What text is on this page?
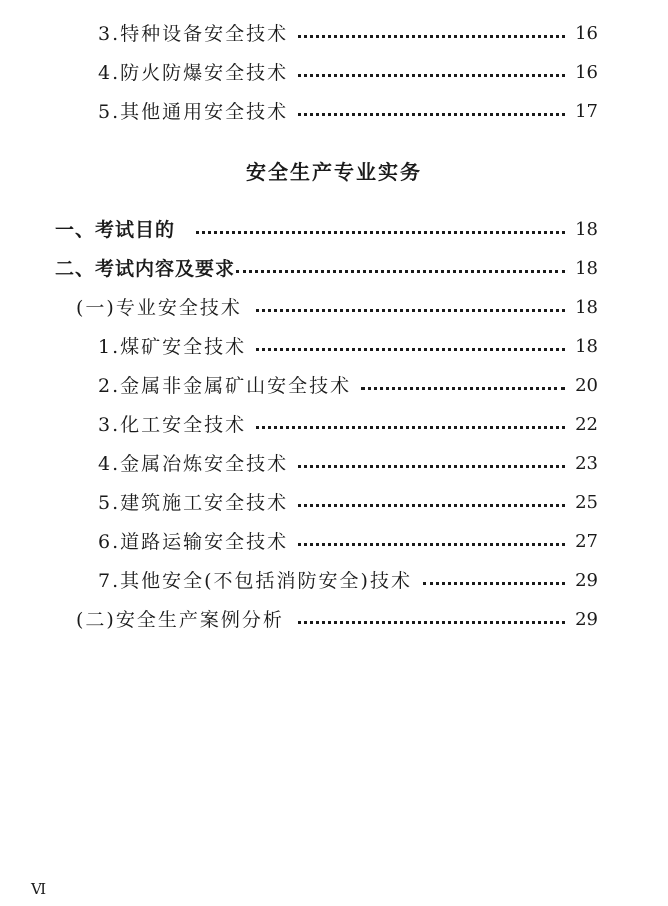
3.特种设备安全技术	16
4.防火防爆安全技术	16
5.其他通用安全技术	17
安全生产专业实务
一、考试目的	18
二、考试内容及要求	18
(一)专业安全技术	18
1.煤矿安全技术	18
2.金属非金属矿山安全技术	20
3.化工安全技术	22
4.金属冶炼安全技术	23
5.建筑施工安全技术	25
6.道路运输安全技术	27
7.其他安全(不包括消防安全)技术	29
(二)安全生产案例分析	29
Ⅵ
